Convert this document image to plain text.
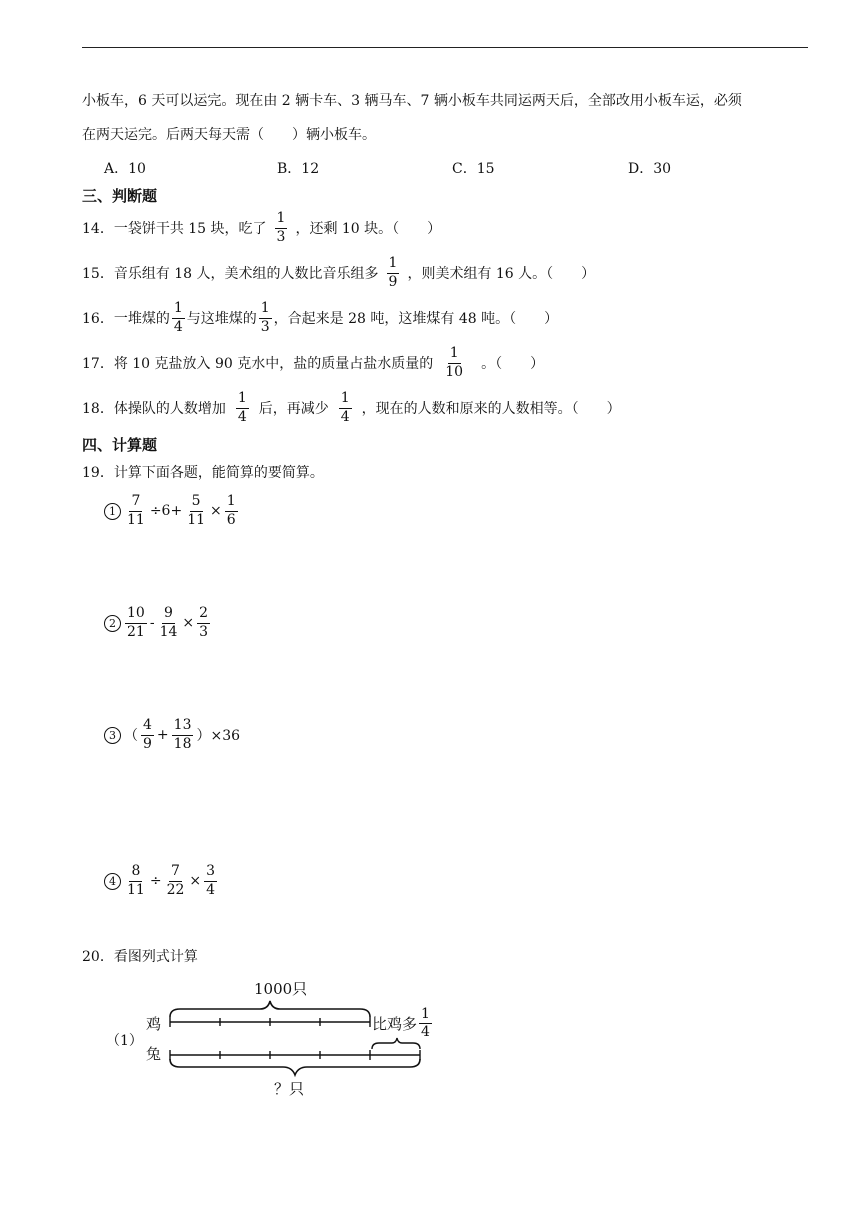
小板车，6 天可以运完。现在由 2 辆卡车、3 辆马车、7 辆小板车共同运两天后，全部改用小板车运，必须
在两天运完。后两天每天需（　　）辆小板车。
A．10	B．12	C．15	D．30
三、判断题
14．一袋饼干共 15 块，吃了 $\frac{1}{3}$ ，还剩 10 块。（　　）
15．音乐组有 18 人，美术组的人数比音乐组多 $\frac{1}{9}$ ，则美术组有 16 人。（　　）
16．一堆煤的 $\frac{1}{4}$ 与这堆煤的 $\frac{1}{3}$ ，合起来是 28 吨，这堆煤有 48 吨。（　　）
17．将 10 克盐放入 90 克水中，盐的质量占盐水质量的 $\frac{1}{10}$ 。（　　）
18．体操队的人数增加 $\frac{1}{4}$ 后，再减少 $\frac{1}{4}$ ，现在的人数和原来的人数相等。（　　）
四、计算题
19．计算下面各题，能简算的要简算。
$1 \frac{7}{11} \div 6+ \frac{5}{11} \times \frac{1}{6}$
$2 \frac{10}{21} - \frac{9}{14} \times \frac{2}{3}$
3 （ $\frac{4}{9} + \frac{13}{18} )\times 36$
$4 \frac{8}{11} \div \frac{7}{22} \times \frac{3}{4}$
20．看图列式计算
（1）
鸡
兔
1000只
比鸡多 $\frac{1}{4}$
？只
